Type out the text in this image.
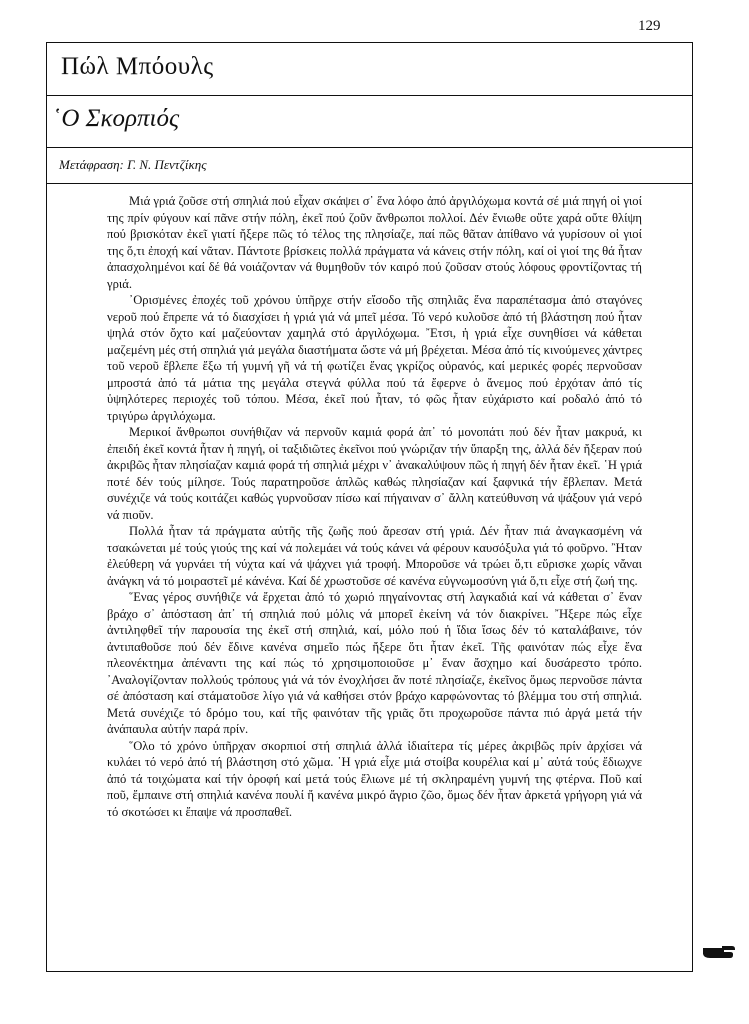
129
Πώλ Μπόουλς
῾Ο Σκορπιός
Μετάφραση: Γ. Ν. Πεντζίκης

Μιά γριά ζοῦσε στή σπηλιά πού εἶχαν σκάψει σ᾿ ἕνα λόφο ἀπό ἀργιλόχωμα κοντά σέ μιά πηγή οἱ γιοί της πρίν φύγουν καί πᾶνε στήν πόλη, ἐκεῖ πού ζοῦν ἄνθρωποι πολλοί. Δέν ἔνιωθε οὔτε χαρά οὔτε θλίψη πού βρισκόταν ἐκεῖ γιατί ἤξερε πῶς τό τέλος της πλησίαζε, παί πῶς θᾶταν ἀπίθανο νά γυρίσουν οἱ γιοί της ὅ,τι ἐποχή καί νᾶταν. Πάντοτε βρίσκεις πολλά πράγματα νά κάνεις στήν πόλη, καί οἱ γιοί της θά ἦταν ἀπασχολημένοι καί δέ θά νοιάζονταν νά θυμηθοῦν τόν καιρό πού ζοῦσαν στούς λόφους φροντίζοντας τή γριά.

᾿Ορισμένες ἐποχές τοῦ χρόνου ὑπῆρχε στήν εἴσοδο τῆς σπηλιᾶς ἕνα παραπέτασμα ἀπό σταγόνες νεροῦ πού ἔπρεπε νά τό διασχίσει ἡ γριά γιά νά μπεῖ μέσα. Τό νερό κυλοῦσε ἀπό τή βλάστηση πού ἦταν ψηλά στόν ὄχτο καί μαζεύονταν χαμηλά στό ἀργιλόχωμα. ῎Ετσι, ἡ γριά εἶχε συνηθίσει νά κάθεται μαζεμένη μές στή σπηλιά γιά μεγάλα διαστήματα ὥστε νά μή βρέχεται. Μέσα ἀπό τίς κινούμενες χάντρες τοῦ νεροῦ ἔβλεπε ἔξω τή γυμνή γῆ νά τή φωτίζει ἕνας γκρίζος οὐρανός, καί μερικές φορές περνοῦσαν μπροστά ἀπό τά μάτια της μεγάλα στεγνά φύλλα πού τά ἔφερνε ὁ ἄνεμος πού ἐρχόταν ἀπό τίς ὑψηλότερες περιοχές τοῦ τόπου. Μέσα, ἐκεῖ πού ἦταν, τό φῶς ἦταν εὐχάριστο καί ροδαλό ἀπό τό τριγύρω ἀργιλόχωμα.

Μερικοί ἄνθρωποι συνήθιζαν νά περνοῦν καμιά φορά ἀπ᾿ τό μονοπάτι πού δέν ἦταν μακρυά, κι ἐπειδή ἐκεῖ κοντά ἦταν ἡ πηγή, οἱ ταξιδιῶτες ἐκεῖνοι πού γνώριζαν τήν ὕπαρξη της, ἀλλά δέν ἤξεραν πού ἀκριβῶς ἦταν πλησίαζαν καμιά φορά τή σπηλιά μέχρι ν᾿ ἀνακαλύψουν πῶς ἡ πηγή δέν ἦταν ἐκεῖ. ῾Η γριά ποτέ δέν τούς μίλησε. Τούς παρατηροῦσε ἁπλῶς καθώς πλησίαζαν καί ξαφνικά τήν ἔβλεπαν. Μετά συνέχιζε νά τούς κοιτάζει καθώς γυρνοῦσαν πίσω καί πήγαιναν σ᾿ ἄλλη κατεύθυνση νά ψάξουν γιά νερό νά πιοῦν.

Πολλά ἦταν τά πράγματα αὐτῆς τῆς ζωῆς πού ἄρεσαν στή γριά. Δέν ἦταν πιά ἀναγκασμένη νά τσακώνεται μέ τούς γιούς της καί νά πολεμάει νά τούς κάνει νά φέρουν καυσόξυλα γιά τό φοῦρνο. ῍Ηταν ἐλεύθερη νά γυρνάει τή νύχτα καί νά ψάχνει γιά τροφή. Μποροῦσε νά τρώει ὅ,τι εὕρισκε χωρίς νἄναι ἀνάγκη νά τό μοιραστεῖ μέ κάνένα. Καί δέ χρωστοῦσε σέ κανένα εὐγνωμοσύνη γιά ὅ,τι εἶχε στή ζωή της.

῞Ενας γέρος συνήθιζε νά ἔρχεται ἀπό τό χωριό πηγαίνοντας στή λαγκαδιά καί νά κάθεται σ᾿ ἕναν βράχο σ᾿ ἀπόσταση ἀπ᾿ τή σπηλιά πού μόλις νά μπορεῖ ἐκείνη νά τόν διακρίνει. ῎Ηξερε πώς εἶχε ἀντιληφθεῖ τήν παρουσία της ἐκεῖ στή σπηλιά, καί, μόλο πού ἡ ἴδια ἴσως δέν τό καταλάβαινε, τόν ἀντιπαθοῦσε πού δέν ἔδινε κανένα σημεῖο πώς ἤξερε ὅτι ἦταν ἐκεῖ. Τῆς φαινόταν πώς εἶχε ἕνα πλεονέκτημα ἀπέναντι της καί πώς τό χρησιμοποιοῦσε μ᾿ ἕναν ἄσχημο καί δυσάρεστο τρόπο. ᾿Αναλογίζονταν πολλούς τρόπους γιά νά τόν ἐνοχλήσει ἄν ποτέ πλησίαζε, ἐκεῖνος ὅμως περνοῦσε πάντα σέ ἀπόσταση καί στάματοῦσε λίγο γιά νά καθήσει στόν βράχο καρφώνοντας τό βλέμμα του στή σπηλιά. Μετά συνέχιζε τό δρόμο του, καί τῆς φαινόταν τῆς γριᾶς ὅτι προχωροῦσε πάντα πιό ἀργά μετά τήν ἀνάπαυλα αὐτήν παρά πρίν.

῞Ολο τό χρόνο ὑπῆρχαν σκορπιοί στή σπηλιά ἀλλά ἰδιαίτερα τίς μέρες ἀκριβῶς πρίν ἀρχίσει νά κυλάει τό νερό ἀπό τή βλάστηση στό χῶμα. ῾Η γριά εἶχε μιά στοίβα κουρέλια καί μ᾿ αὐτά τούς ἔδιωχνε ἀπό τά τοιχώματα καί τήν ὀροφή καί μετά τούς ἔλιωνε μέ τή σκληραμένη γυμνή της φτέρνα. Ποῦ καί ποῦ, ἔμπαινε στή σπηλιά κανένα πουλί ἤ κανένα μικρό ἄγριο ζῶο, ὅμως δέν ἦταν ἀρκετά γρήγορη γιά νά τό σκοτώσει κι ἔπαψε νά προσπαθεῖ.
